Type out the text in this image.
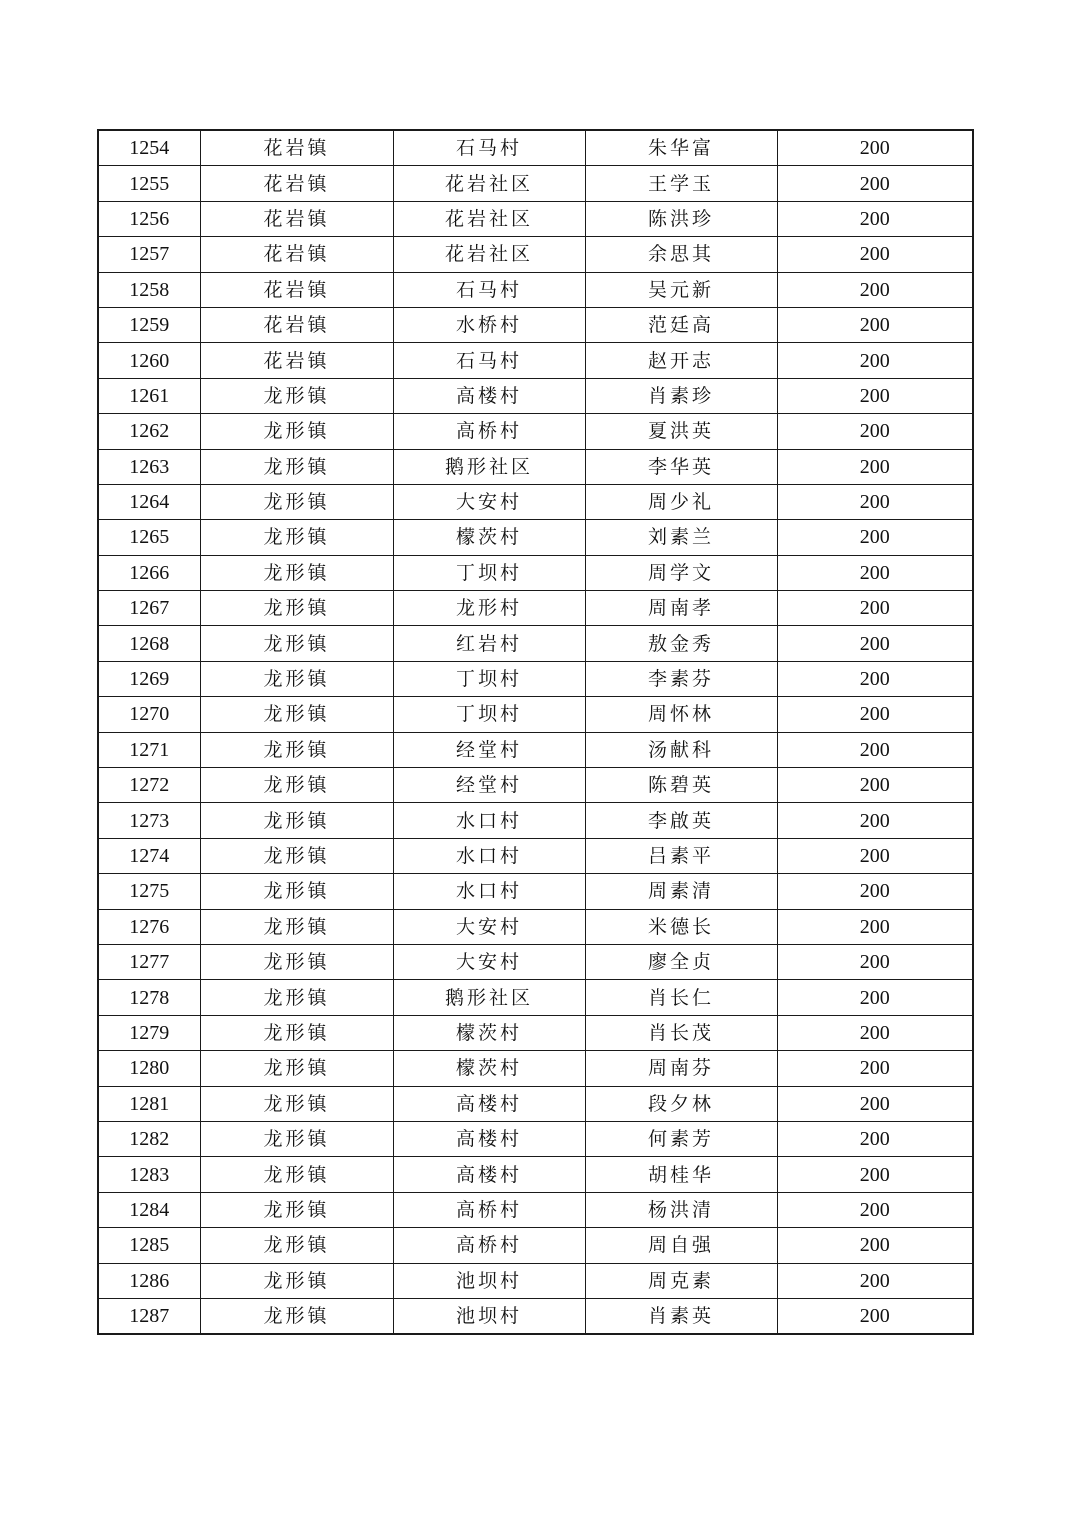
1254	花岩镇	石马村	朱华富	200
1255	花岩镇	花岩社区	王学玉	200
1256	花岩镇	花岩社区	陈洪珍	200
1257	花岩镇	花岩社区	余思其	200
1258	花岩镇	石马村	吴元新	200
1259	花岩镇	水桥村	范廷高	200
1260	花岩镇	石马村	赵开志	200
1261	龙形镇	高楼村	肖素珍	200
1262	龙形镇	高桥村	夏洪英	200
1263	龙形镇	鹅形社区	李华英	200
1264	龙形镇	大安村	周少礼	200
1265	龙形镇	檬茨村	刘素兰	200
1266	龙形镇	丁坝村	周学文	200
1267	龙形镇	龙形村	周南孝	200
1268	龙形镇	红岩村	敖金秀	200
1269	龙形镇	丁坝村	李素芬	200
1270	龙形镇	丁坝村	周怀林	200
1271	龙形镇	经堂村	汤献科	200
1272	龙形镇	经堂村	陈碧英	200
1273	龙形镇	水口村	李啟英	200
1274	龙形镇	水口村	吕素平	200
1275	龙形镇	水口村	周素清	200
1276	龙形镇	大安村	米德长	200
1277	龙形镇	大安村	廖全贞	200
1278	龙形镇	鹅形社区	肖长仁	200
1279	龙形镇	檬茨村	肖长茂	200
1280	龙形镇	檬茨村	周南芬	200
1281	龙形镇	高楼村	段夕林	200
1282	龙形镇	高楼村	何素芳	200
1283	龙形镇	高楼村	胡桂华	200
1284	龙形镇	高桥村	杨洪清	200
1285	龙形镇	高桥村	周自强	200
1286	龙形镇	池坝村	周克素	200
1287	龙形镇	池坝村	肖素英	200
